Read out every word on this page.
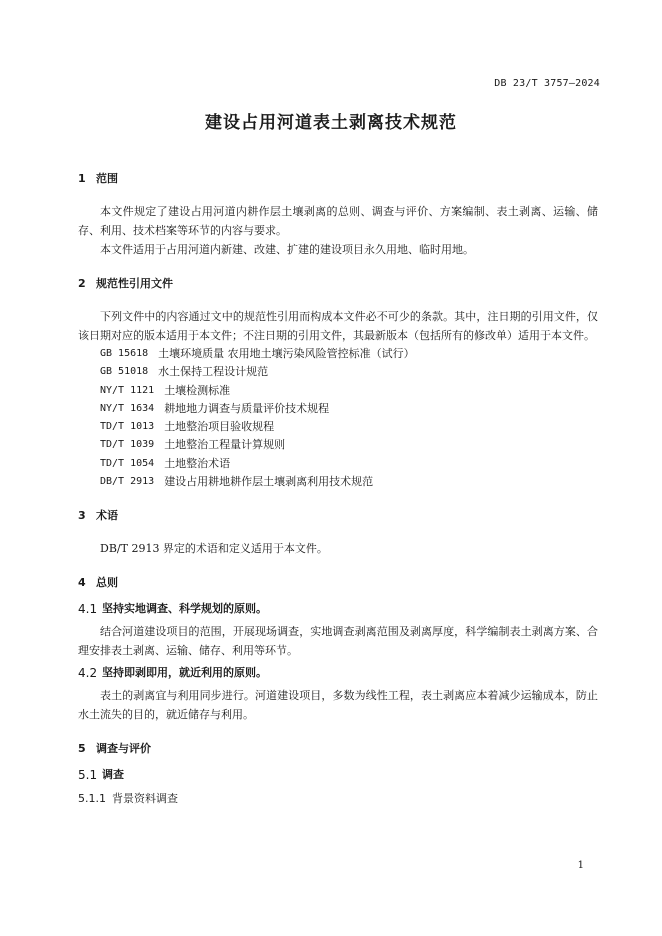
DB 23/T 3757—2024
建设占用河道表土剥离技术规范
1 范围

本文件规定了建设占用河道内耕作层土壤剥离的总则、调查与评价、方案编制、表土剥离、运输、储存、利用、技术档案等环节的内容与要求。

本文件适用于占用河道内新建、改建、扩建的建设项目永久用地、临时用地。

2 规范性引用文件

下列文件中的内容通过文中的规范性引用而构成本文件必不可少的条款。其中，注日期的引用文件，仅该日期对应的版本适用于本文件；不注日期的引用文件，其最新版本（包括所有的修改单）适用于本文件。

GB 15618 土壤环境质量 农用地土壤污染风险管控标准（试行）
GB 51018 水土保持工程设计规范
NY/T 1121 土壤检测标准
NY/T 1634 耕地地力调查与质量评价技术规程
TD/T 1013 土地整治项目验收规程
TD/T 1039 土地整治工程量计算规则
TD/T 1054 土地整治术语
DB/T 2913 建设占用耕地耕作层土壤剥离利用技术规范
3 术语

DB/T 2913 界定的术语和定义适用于本文件。

4 总则
4.1 坚持实地调查、科学规划的原则。

结合河道建设项目的范围，开展现场调查，实地调查剥离范围及剥离厚度，科学编制表土剥离方案、合理安排表土剥离、运输、储存、利用等环节。

4.2 坚持即剥即用，就近利用的原则。

表土的剥离宜与利用同步进行。河道建设项目，多数为线性工程，表土剥离应本着减少运输成本，防止水土流失的目的，就近储存与利用。

5 调查与评价
5.1 调查
5.1.1 背景资料调查
1
